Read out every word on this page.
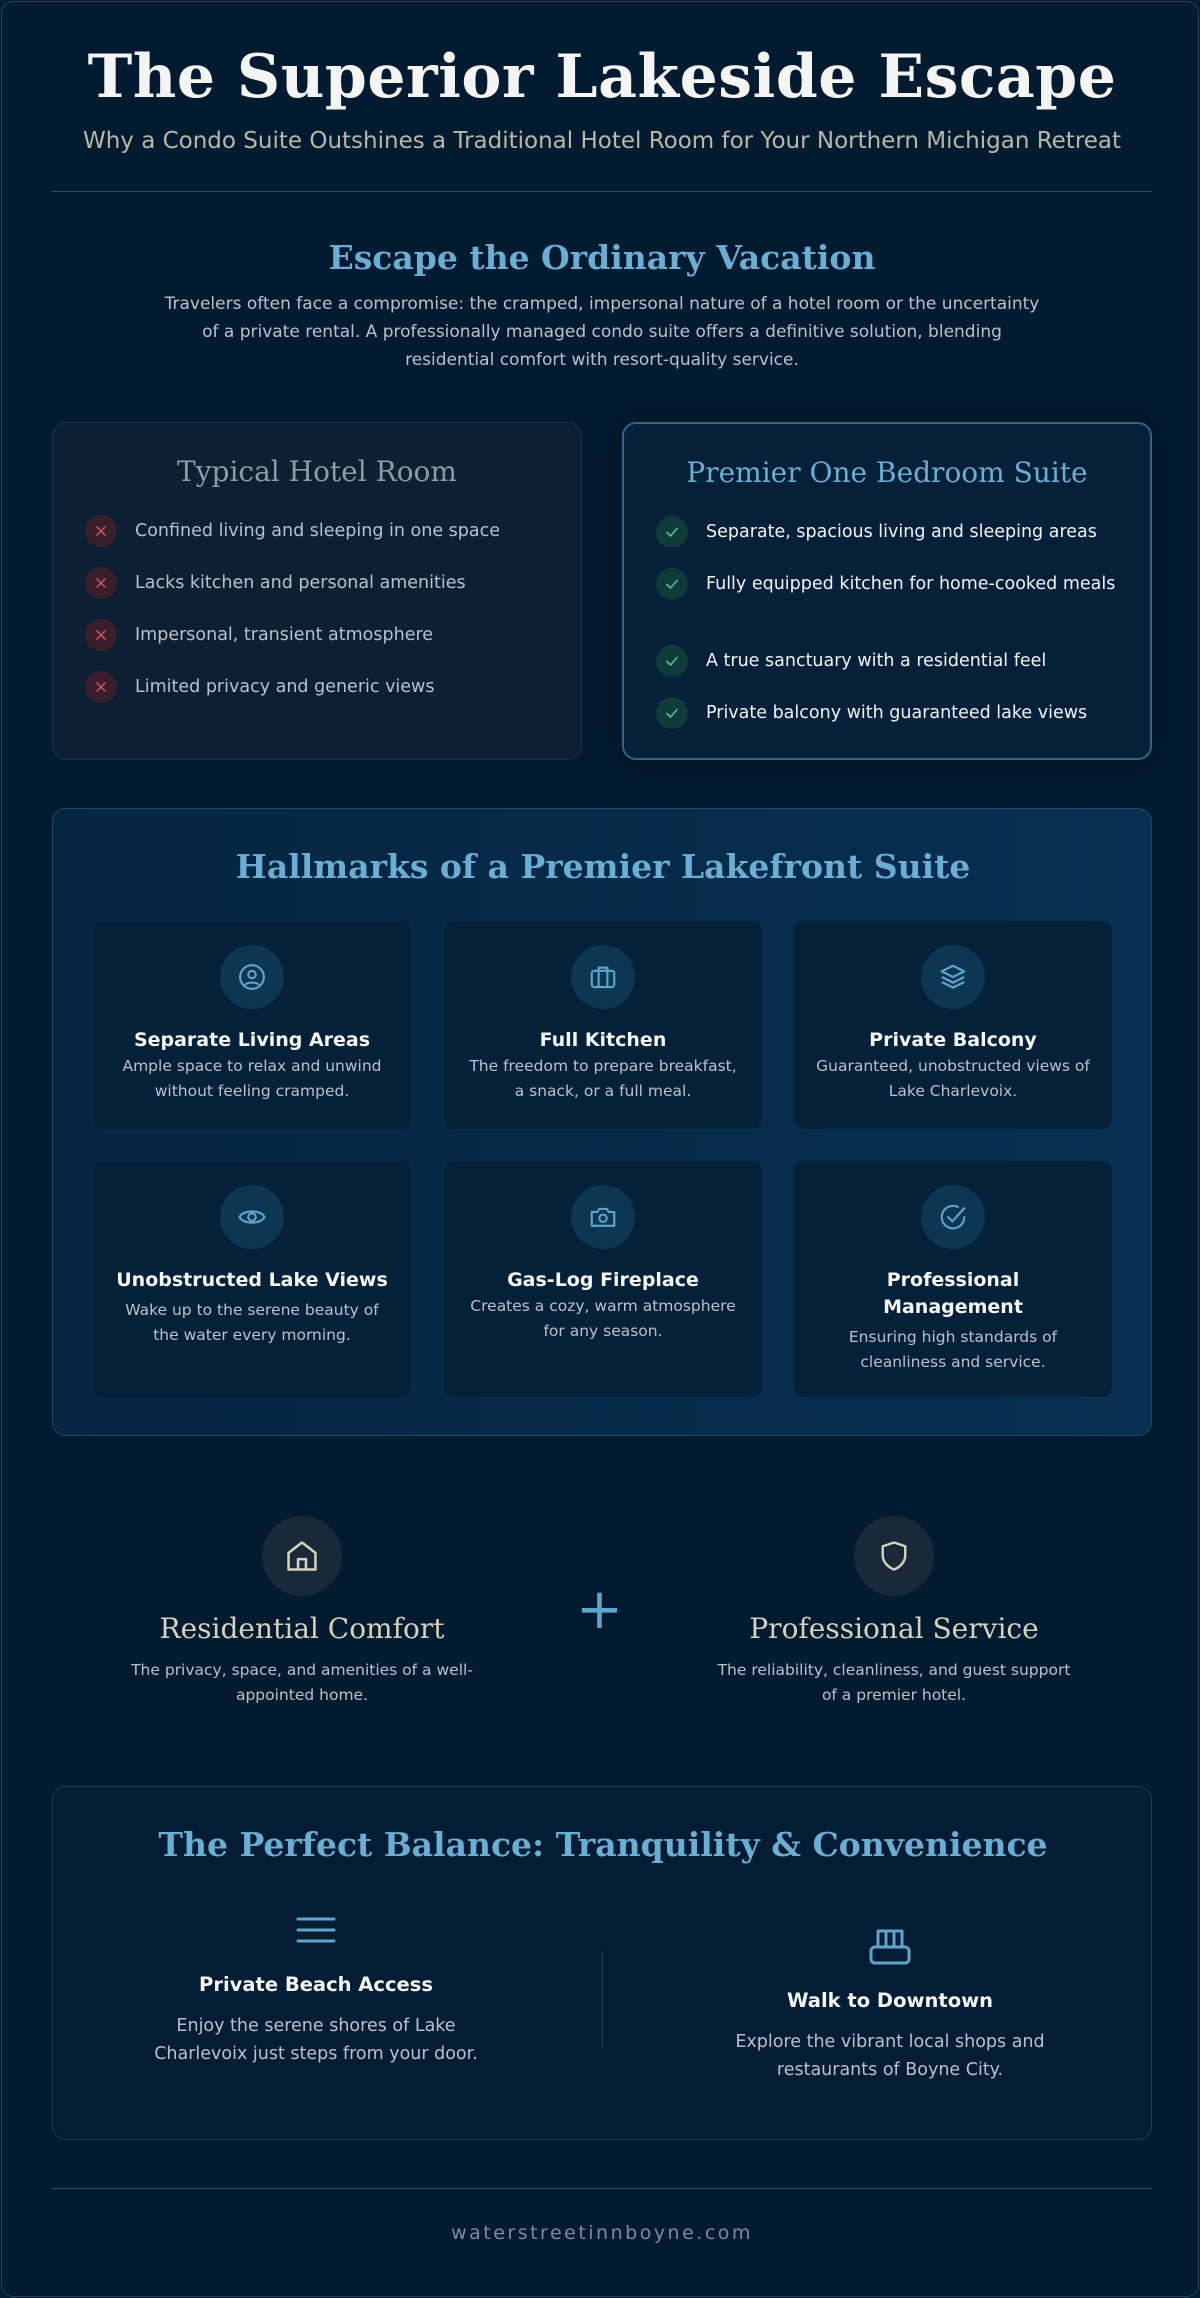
The Superior Lakeside Escape

Why a Condo Suite Outshines a Traditional Hotel Room for Your Northern Michigan Retreat

Escape the Ordinary Vacation

Travelers often face a compromise: the cramped, impersonal nature of a hotel room or the uncertainty of a private rental. A professionally managed condo suite offers a definitive solution, blending residential comfort with resort-quality service.

Typical Hotel Room
Confined living and sleeping in one space
Lacks kitchen and personal amenities
Impersonal, transient atmosphere
Limited privacy and generic views
Premier One Bedroom Suite
Separate, spacious living and sleeping areas
Fully equipped kitchen for home-cooked meals
A true sanctuary with a residential feel
Private balcony with guaranteed lake views
Hallmarks of a Premier Lakefront Suite
Separate Living Areas
Ample space to relax and unwind without feeling cramped.
Full Kitchen
The freedom to prepare breakfast, a snack, or a full meal.
Private Balcony
Guaranteed, unobstructed views of Lake Charlevoix.
Unobstructed Lake Views
Wake up to the serene beauty of the water every morning.
Gas-Log Fireplace
Creates a cozy, warm atmosphere for any season.
Professional Management
Ensuring high standards of cleanliness and service.
Residential Comfort
The privacy, space, and amenities of a well-appointed home.
+	Professional Service
The reliability, cleanliness, and guest support of a premier hotel.
The Perfect Balance: Tranquility & Convenience
Private Beach Access
Enjoy the serene shores of Lake Charlevoix just steps from your door.
Walk to Downtown
Explore the vibrant local shops and restaurants of Boyne City.
waterstreetinnboyne.com
